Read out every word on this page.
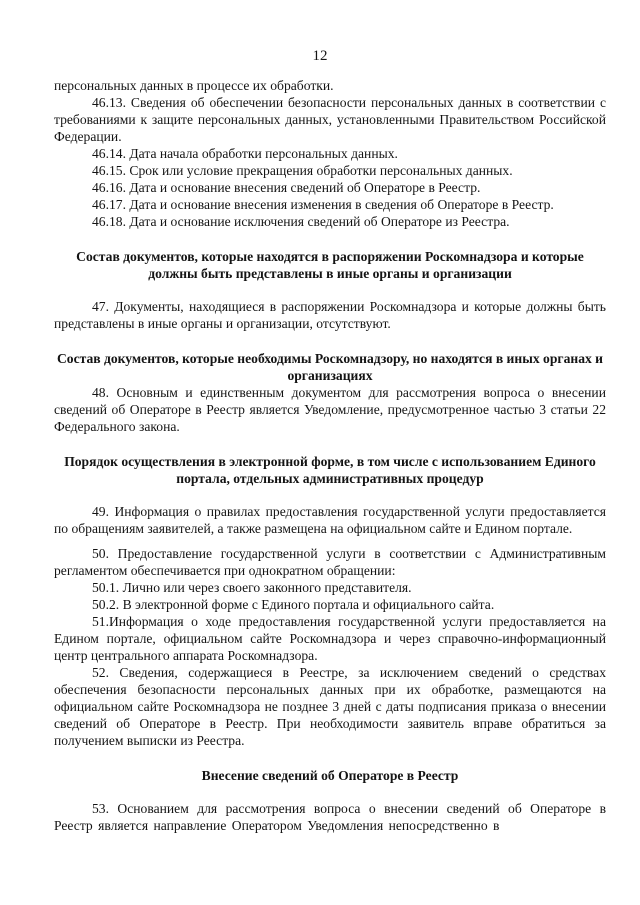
12

персональных данных в процессе их обработки.

46.13. Сведения об обеспечении безопасности персональных данных в соответствии с требованиями к защите персональных данных, установленными Правительством Российской Федерации.

46.14. Дата начала обработки персональных данных.

46.15. Срок или условие прекращения обработки персональных данных.

46.16. Дата и основание внесения сведений об Операторе в Реестр.

46.17. Дата и основание внесения изменения в сведения об Операторе в Реестр.

46.18. Дата и основание исключения сведений об Операторе из Реестра.

Состав документов, которые находятся в распоряжении Роскомнадзора и которые должны быть представлены в иные органы и организации

47. Документы, находящиеся в распоряжении Роскомнадзора и которые должны быть представлены в иные органы и организации, отсутствуют.

Состав документов, которые необходимы Роскомнадзору, но находятся в иных органах и организациях

48. Основным и единственным документом для рассмотрения вопроса о внесении сведений об Операторе в Реестр является Уведомление, предусмотренное частью 3 статьи 22 Федерального закона.

Порядок осуществления в электронной форме, в том числе с использованием Единого портала, отдельных административных процедур

49. Информация о правилах предоставления государственной услуги предоставляется по обращениям заявителей, а также размещена на официальном сайте и Едином портале.

50. Предоставление государственной услуги в соответствии с Административным регламентом обеспечивается при однократном обращении:

50.1. Лично или через своего законного представителя.

50.2. В электронной форме с Единого портала и официального сайта.

51.Информация о ходе предоставления государственной услуги предоставляется на Едином портале, официальном сайте Роскомнадзора и через справочно-информационный центр центрального аппарата Роскомнадзора.

52. Сведения, содержащиеся в Реестре, за исключением сведений о средствах обеспечения безопасности персональных данных при их обработке, размещаются на официальном сайте Роскомнадзора не позднее 3 дней с даты подписания приказа о внесении сведений об Операторе в Реестр. При необходимости заявитель вправе обратиться за получением выписки из Реестра.

Внесение сведений об Операторе в Реестр

53. Основанием для рассмотрения вопроса о внесении сведений об Операторе в Реестр является направление Оператором Уведомления непосредственно в
